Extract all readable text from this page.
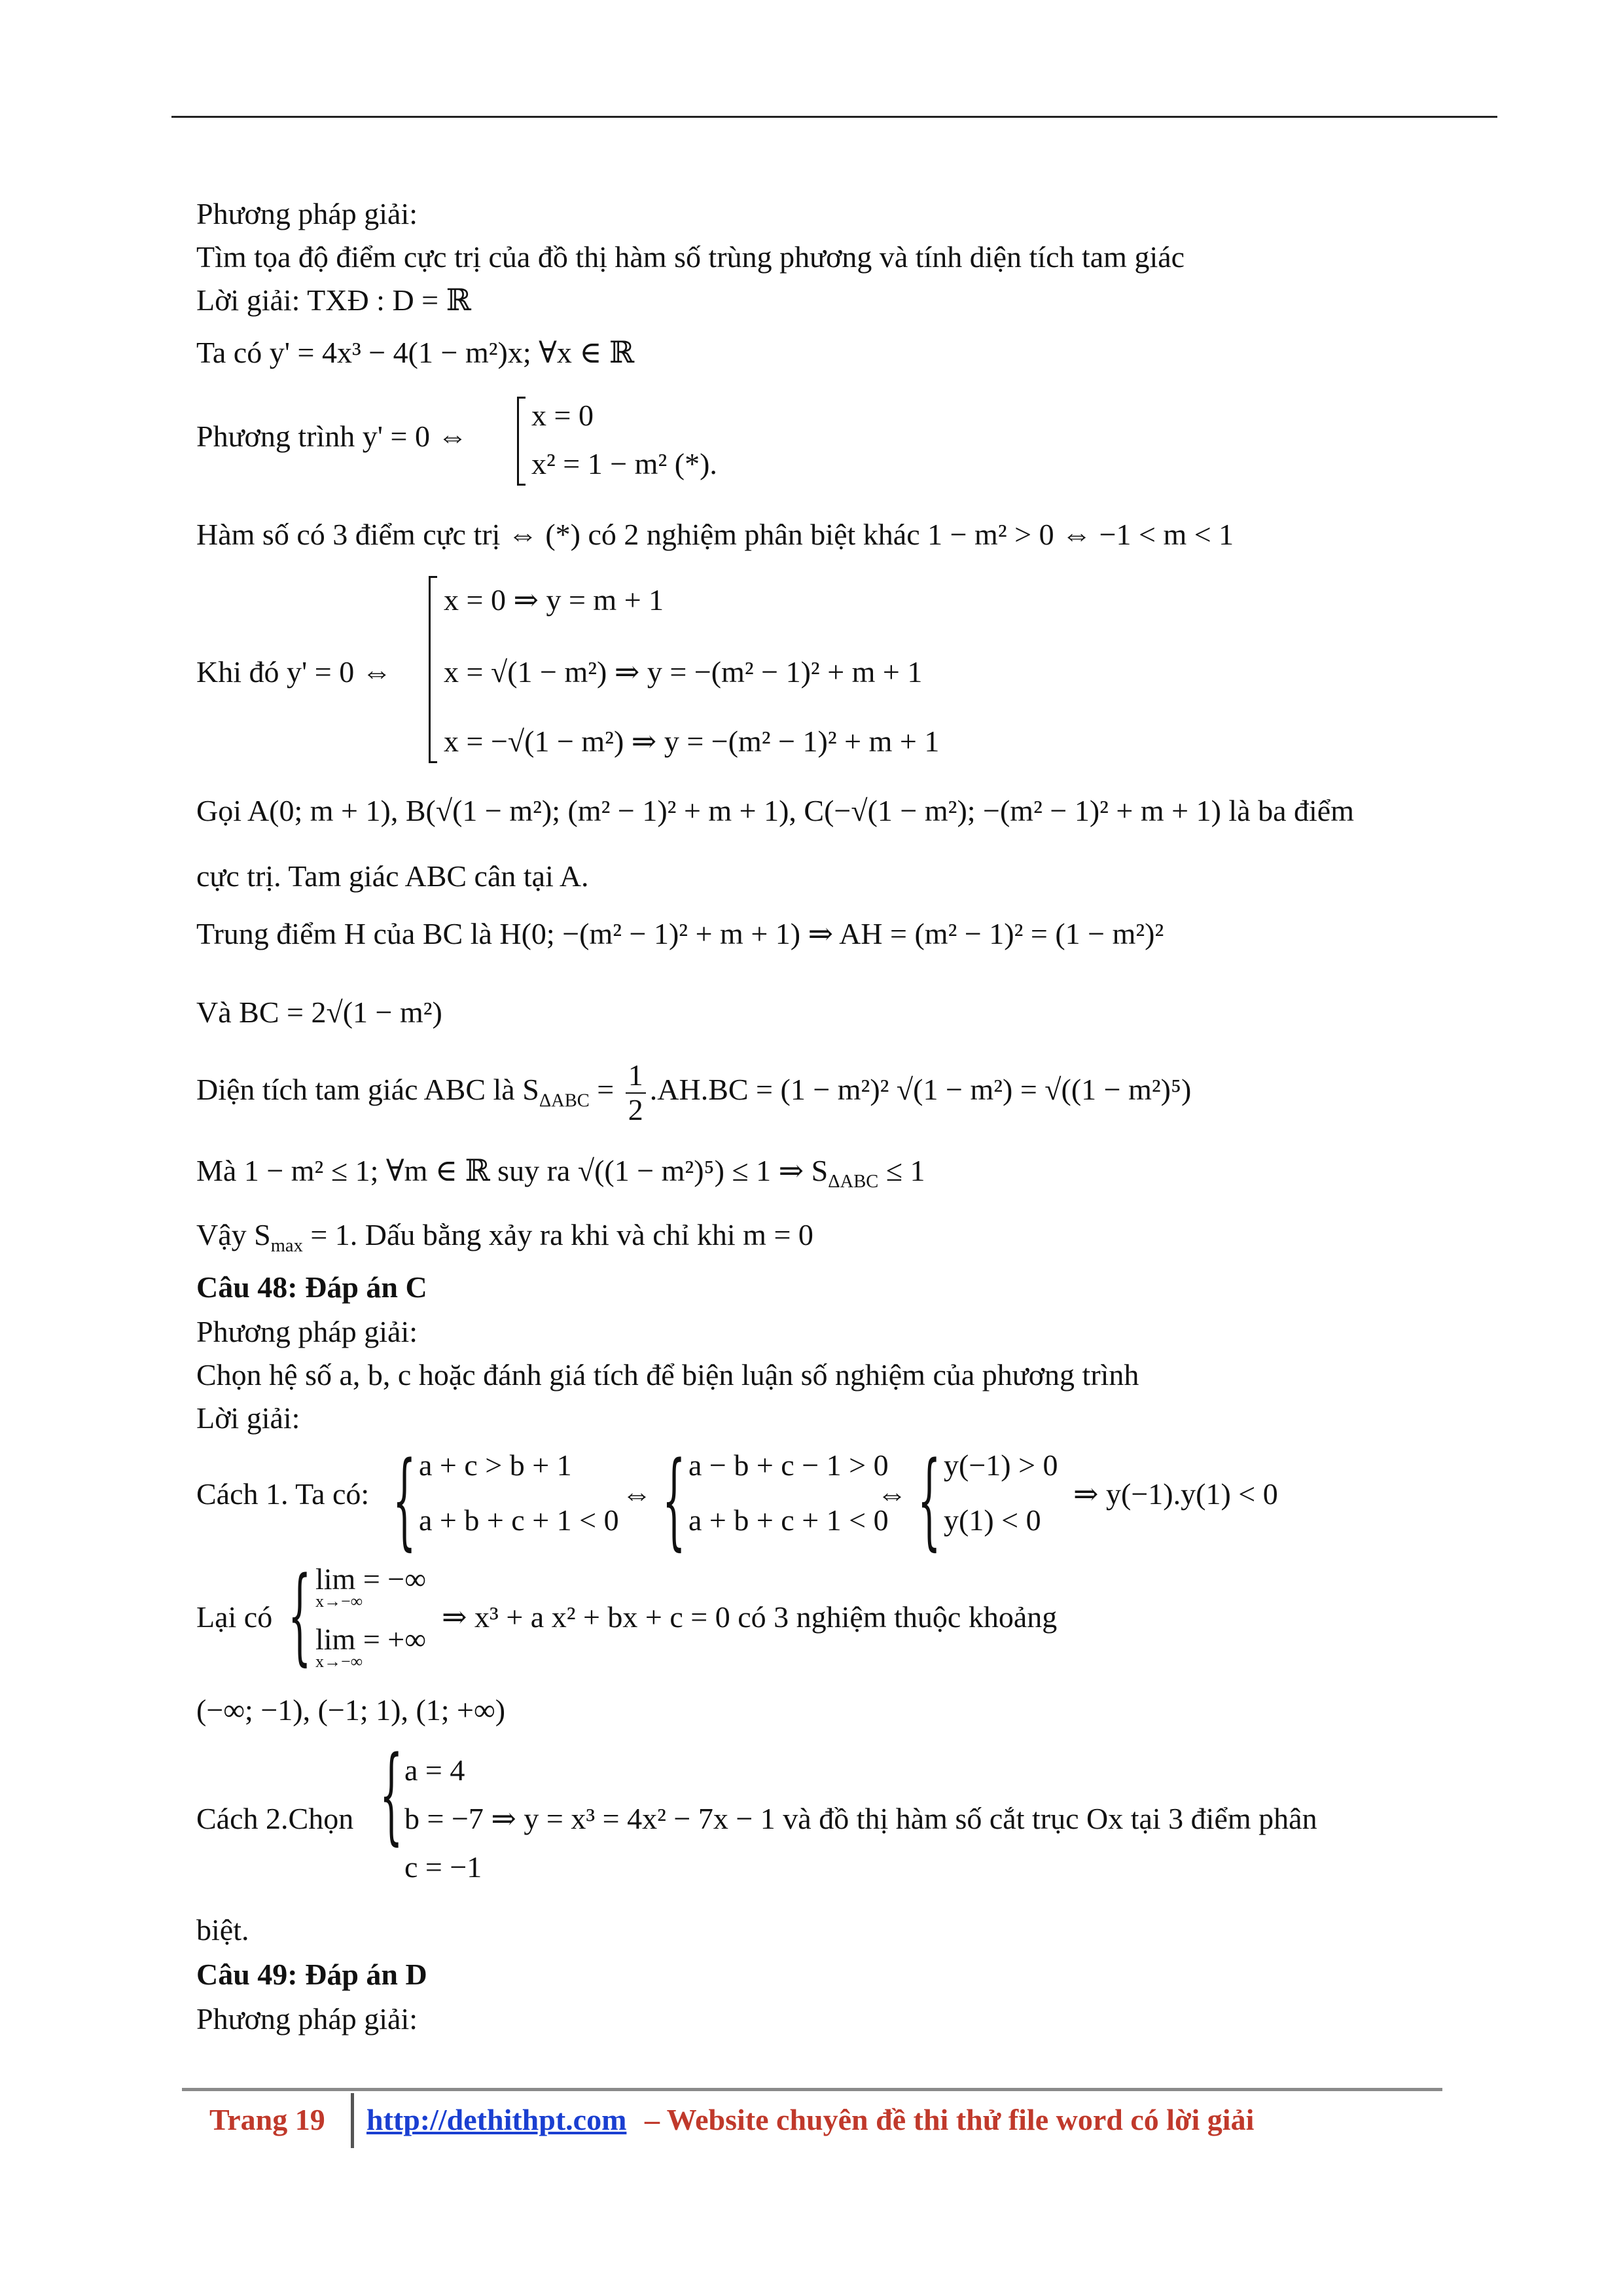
Phương pháp giải:
Tìm tọa độ điểm cực trị của đồ thị hàm số trùng phương và tính diện tích tam giác
Lời giải: TXĐ : D = ℝ
Ta có y' = 4x³ − 4(1 − m²)x; ∀x ∈ ℝ
Phương trình y' = 0 ⇔
x = 0
x² = 1 − m² (*).
Hàm số có 3 điểm cực trị ⇔ (*) có 2 nghiệm phân biệt khác 1 − m² > 0 ⇔ −1 < m < 1
Khi đó y' = 0 ⇔
x = 0 ⇒ y = m + 1
x = √(1 − m²) ⇒ y = −(m² − 1)² + m + 1
x = −√(1 − m²) ⇒ y = −(m² − 1)² + m + 1
Gọi A(0; m + 1), B(√(1 − m²); (m² − 1)² + m + 1), C(−√(1 − m²); −(m² − 1)² + m + 1) là ba điểm
cực trị. Tam giác ABC cân tại A.
Trung điểm H của BC là H(0; −(m² − 1)² + m + 1) ⇒ AH = (m² − 1)² = (1 − m²)²
Và BC = 2√(1 − m²)
Diện tích tam giác ABC là $S_{\Delta ABC} = \frac{1}{2} .AH.BC = (1 - m^2)^2$ √(1 − m²) = √((1 − m²)⁵)
Mà 1 − m² ≤ 1; ∀m ∈ ℝ suy ra √((1 − m²)⁵) ≤ 1 ⇒ $S_{\Delta ABC} \le 1$
Vậy $S_{max} = 1$. Dấu bằng xảy ra khi và chỉ khi m = 0
Câu 48: Đáp án C
Phương pháp giải:
Chọn hệ số a, b, c hoặc đánh giá tích để biện luận số nghiệm của phương trình
Lời giải:
Cách 1. Ta có: { a + c > b + 1
a + b + c + 1 < 0
⇔ { a − b + c − 1 > 0
a + b + c + 1 < 0
⇔ { y(−1) > 0
y(1) < 0
⇒ y(−1).y(1) < 0
Lại có { lim = −∞
x→−∞
lim = +∞
x→−∞
⇒ x³ + a x² + bx + c = 0 có 3 nghiệm thuộc khoảng
(−∞; −1), (−1; 1), (1; +∞)
Cách 2.Chọn { a = 4
b = −7 ⇒ y = x³ = 4x² − 7x − 1 và đồ thị hàm số cắt trục Ox tại 3 điểm phân
c = −1
biệt.
Câu 49: Đáp án D
Phương pháp giải:
Trang 19 http://dethithpt.com – Website chuyên đề thi thử file word có lời giải
